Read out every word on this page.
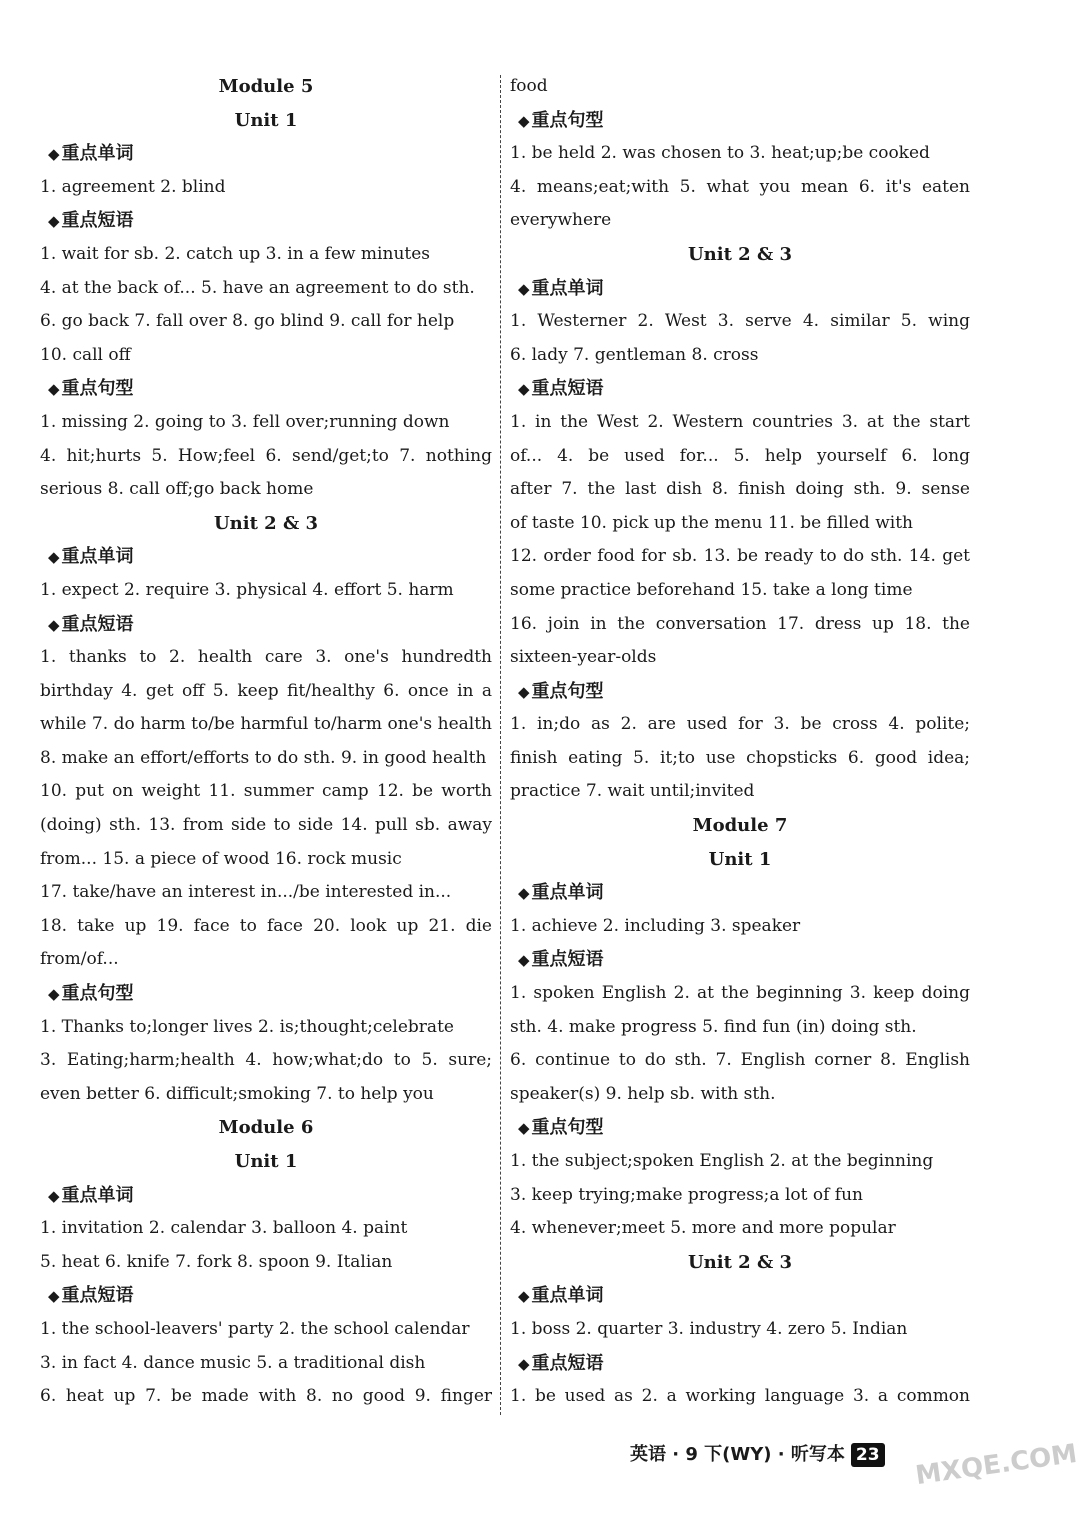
Module 5
Unit 1
◆ 重点单词
1. agreement 2. blind
◆ 重点短语
1. wait for sb. 2. catch up 3. in a few minutes
4. at the back of... 5. have an agreement to do sth.
6. go back 7. fall over 8. go blind 9. call for help
10. call off
◆ 重点句型
1. missing 2. going to 3. fell over;running down
4. hit;hurts 5. How;feel 6. send/get;to 7. nothing
serious 8. call off;go back home
Unit 2 & 3
◆ 重点单词
1. expect 2. require 3. physical 4. effort 5. harm
◆ 重点短语
1. thanks to 2. health care 3. one's hundredth
birthday 4. get off 5. keep fit/healthy 6. once in a
while 7. do harm to/be harmful to/harm one's health
8. make an effort/efforts to do sth. 9. in good health
10. put on weight 11. summer camp 12. be worth
(doing) sth. 13. from side to side 14. pull sb. away
from... 15. a piece of wood 16. rock music
17. take/have an interest in.../be interested in...
18. take up 19. face to face 20. look up 21. die
from/of...
◆ 重点句型
1. Thanks to;longer lives 2. is;thought;celebrate
3. Eating;harm;health 4. how;what;do to 5. sure;
even better 6. difficult;smoking 7. to help you
Module 6
Unit 1
◆ 重点单词
1. invitation 2. calendar 3. balloon 4. paint
5. heat 6. knife 7. fork 8. spoon 9. Italian
◆ 重点短语
1. the school-leavers' party 2. the school calendar
3. in fact 4. dance music 5. a traditional dish
6. heat up 7. be made with 8. no good 9. finger
food
◆ 重点句型
1. be held 2. was chosen to 3. heat;up;be cooked
4. means;eat;with 5. what you mean 6. it's eaten
everywhere
Unit 2 & 3
◆ 重点单词
1. Westerner 2. West 3. serve 4. similar 5. wing
6. lady 7. gentleman 8. cross
◆ 重点短语
1. in the West 2. Western countries 3. at the start
of... 4. be used for... 5. help yourself 6. long
after 7. the last dish 8. finish doing sth. 9. sense
of taste 10. pick up the menu 11. be filled with
12. order food for sb. 13. be ready to do sth. 14. get
some practice beforehand 15. take a long time
16. join in the conversation 17. dress up 18. the
sixteen-year-olds
◆ 重点句型
1. in;do as 2. are used for 3. be cross 4. polite;
finish eating 5. it;to use chopsticks 6. good idea;
practice 7. wait until;invited
Module 7
Unit 1
◆ 重点单词
1. achieve 2. including 3. speaker
◆ 重点短语
1. spoken English 2. at the beginning 3. keep doing
sth. 4. make progress 5. find fun (in) doing sth.
6. continue to do sth. 7. English corner 8. English
speaker(s) 9. help sb. with sth.
◆ 重点句型
1. the subject;spoken English 2. at the beginning
3. keep trying;make progress;a lot of fun
4. whenever;meet 5. more and more popular
Unit 2 & 3
◆ 重点单词
1. boss 2. quarter 3. industry 4. zero 5. Indian
◆ 重点短语
1. be used as 2. a working language 3. a common
英语 · 9 下(WY) · 听写本 23 MXQE.COM
